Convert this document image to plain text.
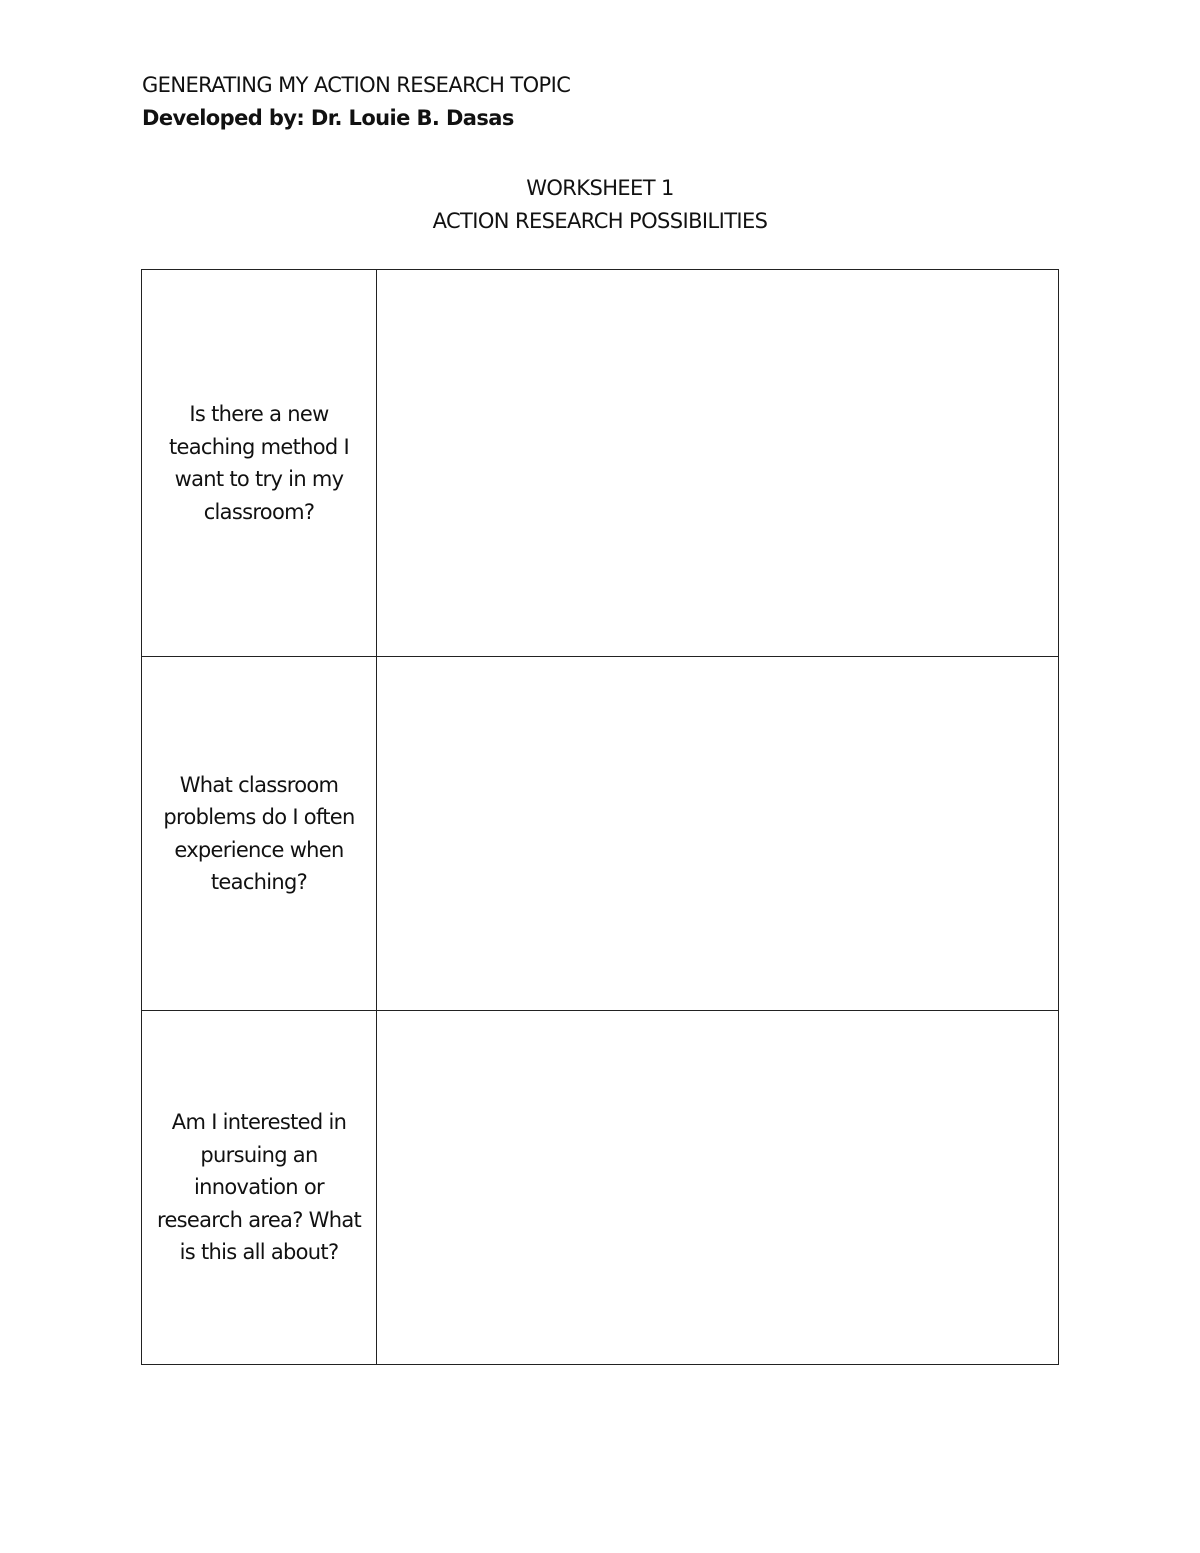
GENERATING MY ACTION RESEARCH TOPIC
Developed by: Dr. Louie B. Dasas
WORKSHEET 1
ACTION RESEARCH POSSIBILITIES
Is there a new teaching method I want to try in my classroom?	
What classroom problems do I often experience when teaching?	
Am I interested in pursuing an innovation or research area? What is this all about?	
